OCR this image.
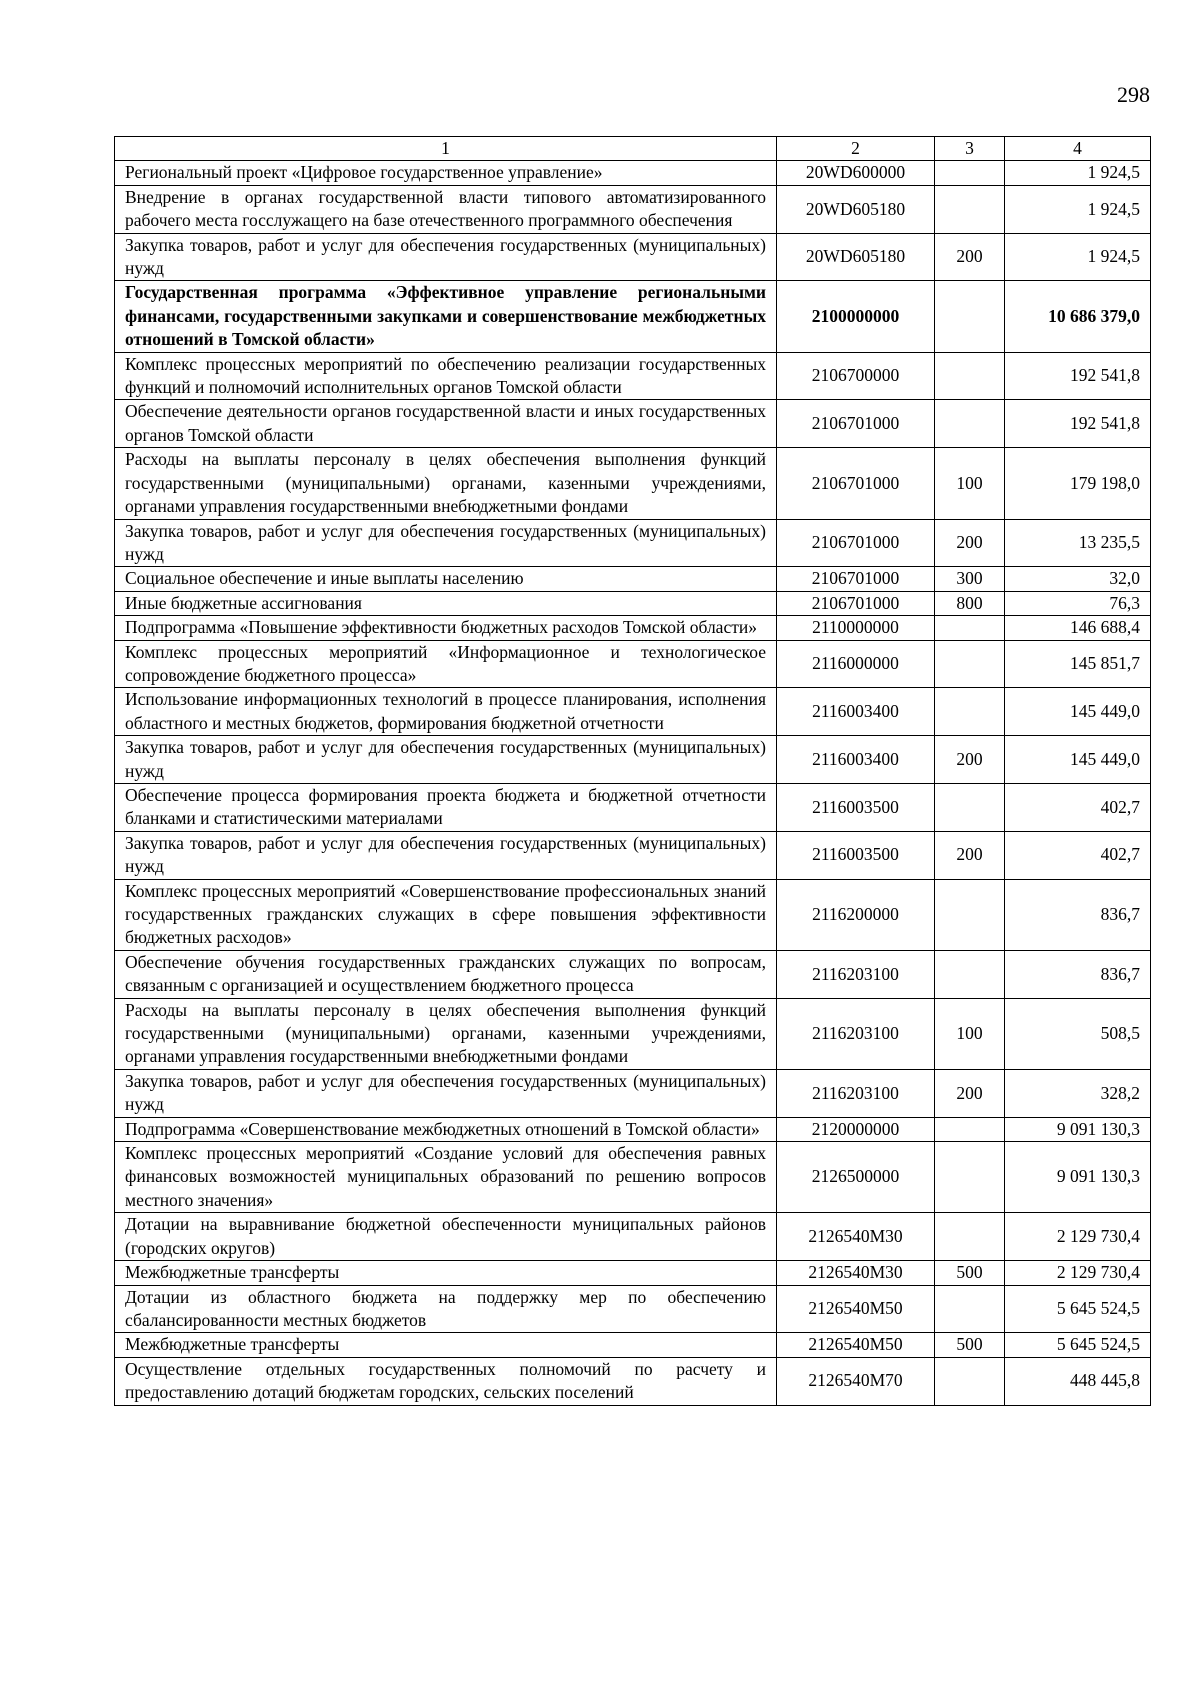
298
1	2	3	4
Региональный проект «Цифровое государственное управление»	20WD600000		1 924,5
Внедрение в органах государственной власти типового автоматизированного рабочего места госслужащего на базе отечественного программного обеспечения	20WD605180		1 924,5
Закупка товаров, работ и услуг для обеспечения государственных (муниципальных) нужд	20WD605180	200	1 924,5
Государственная программа «Эффективное управление региональными финансами, государственными закупками и совершенствование межбюджетных отношений в Томской области»	2100000000		10 686 379,0
Комплекс процессных мероприятий по обеспечению реализации государственных функций и полномочий исполнительных органов Томской области	2106700000		192 541,8
Обеспечение деятельности органов государственной власти и иных государственных органов Томской области	2106701000		192 541,8
Расходы на выплаты персоналу в целях обеспечения выполнения функций государственными (муниципальными) органами, казенными учреждениями, органами управления государственными внебюджетными фондами	2106701000	100	179 198,0
Закупка товаров, работ и услуг для обеспечения государственных (муниципальных) нужд	2106701000	200	13 235,5
Социальное обеспечение и иные выплаты населению	2106701000	300	32,0
Иные бюджетные ассигнования	2106701000	800	76,3
Подпрограмма «Повышение эффективности бюджетных расходов Томской области»	2110000000		146 688,4
Комплекс процессных мероприятий «Информационное и технологическое сопровождение бюджетного процесса»	2116000000		145 851,7
Использование информационных технологий в процессе планирования, исполнения областного и местных бюджетов, формирования бюджетной отчетности	2116003400		145 449,0
Закупка товаров, работ и услуг для обеспечения государственных (муниципальных) нужд	2116003400	200	145 449,0
Обеспечение процесса формирования проекта бюджета и бюджетной отчетности бланками и статистическими материалами	2116003500		402,7
Закупка товаров, работ и услуг для обеспечения государственных (муниципальных) нужд	2116003500	200	402,7
Комплекс процессных мероприятий «Совершенствование профессиональных знаний государственных гражданских служащих в сфере повышения эффективности бюджетных расходов»	2116200000		836,7
Обеспечение обучения государственных гражданских служащих по вопросам, связанным с организацией и осуществлением бюджетного процесса	2116203100		836,7
Расходы на выплаты персоналу в целях обеспечения выполнения функций государственными (муниципальными) органами, казенными учреждениями, органами управления государственными внебюджетными фондами	2116203100	100	508,5
Закупка товаров, работ и услуг для обеспечения государственных (муниципальных) нужд	2116203100	200	328,2
Подпрограмма «Совершенствование межбюджетных отношений в Томской области»	2120000000		9 091 130,3
Комплекс процессных мероприятий «Создание условий для обеспечения равных финансовых возможностей муниципальных образований по решению вопросов местного значения»	2126500000		9 091 130,3
Дотации на выравнивание бюджетной обеспеченности муниципальных районов (городских округов)	2126540М30		2 129 730,4
Межбюджетные трансферты	2126540М30	500	2 129 730,4
Дотации из областного бюджета на поддержку мер по обеспечению сбалансированности местных бюджетов	2126540М50		5 645 524,5
Межбюджетные трансферты	2126540М50	500	5 645 524,5
Осуществление отдельных государственных полномочий по расчету и предоставлению дотаций бюджетам городских, сельских поселений	2126540М70		448 445,8
